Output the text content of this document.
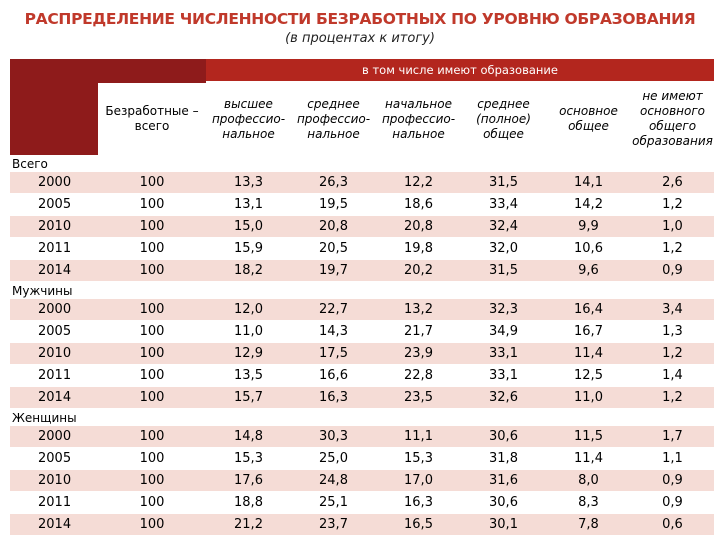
РАСПРЕДЕЛЕНИЕ ЧИСЛЕННОСТИ БЕЗРАБОТНЫХ ПО УРОВНЮ ОБРАЗОВАНИЯ
(в процентах к итогу)
		в том числе имеют образование					
	Безработные – всего	высшее профессио-нальное	среднее профессио-нальное	начальное профессио-нальное	среднее (полное) общее	основное общее	не имеют основного общего образования
Всего							
2000	100	13,3	26,3	12,2	31,5	14,1	2,6
2005	100	13,1	19,5	18,6	33,4	14,2	1,2
2010	100	15,0	20,8	20,8	32,4	9,9	1,0
2011	100	15,9	20,5	19,8	32,0	10,6	1,2
2014	100	18,2	19,7	20,2	31,5	9,6	0,9
Мужчины							
2000	100	12,0	22,7	13,2	32,3	16,4	3,4
2005	100	11,0	14,3	21,7	34,9	16,7	1,3
2010	100	12,9	17,5	23,9	33,1	11,4	1,2
2011	100	13,5	16,6	22,8	33,1	12,5	1,4
2014	100	15,7	16,3	23,5	32,6	11,0	1,2
Женщины							
2000	100	14,8	30,3	11,1	30,6	11,5	1,7
2005	100	15,3	25,0	15,3	31,8	11,4	1,1
2010	100	17,6	24,8	17,0	31,6	8,0	0,9
2011	100	18,8	25,1	16,3	30,6	8,3	0,9
2014	100	21,2	23,7	16,5	30,1	7,8	0,6
